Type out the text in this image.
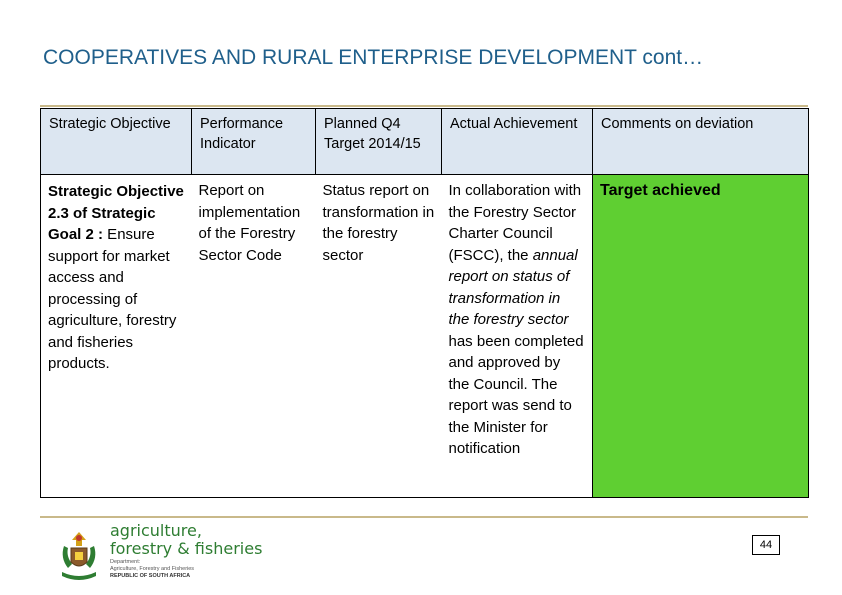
COOPERATIVES AND RURAL ENTERPRISE DEVELOPMENT cont…
Strategic Objective	Performance Indicator	Planned Q4 Target 2014/15	Actual Achievement	Comments on deviation
Strategic Objective 2.3 of Strategic Goal 2 : Ensure support for market access and processing of agriculture, forestry and fisheries products.	Report on implementation of the Forestry Sector Code	Status report on transformation in the forestry sector	In collaboration with the Forestry Sector Charter Council (FSCC), the annual report on status of transformation in the forestry sector has been completed and approved by the Council. The report was send to the Minister for notification	Target achieved
agriculture,
forestry & fisheries
Department:
Agriculture, Forestry and Fisheries
REPUBLIC OF SOUTH AFRICA
44
